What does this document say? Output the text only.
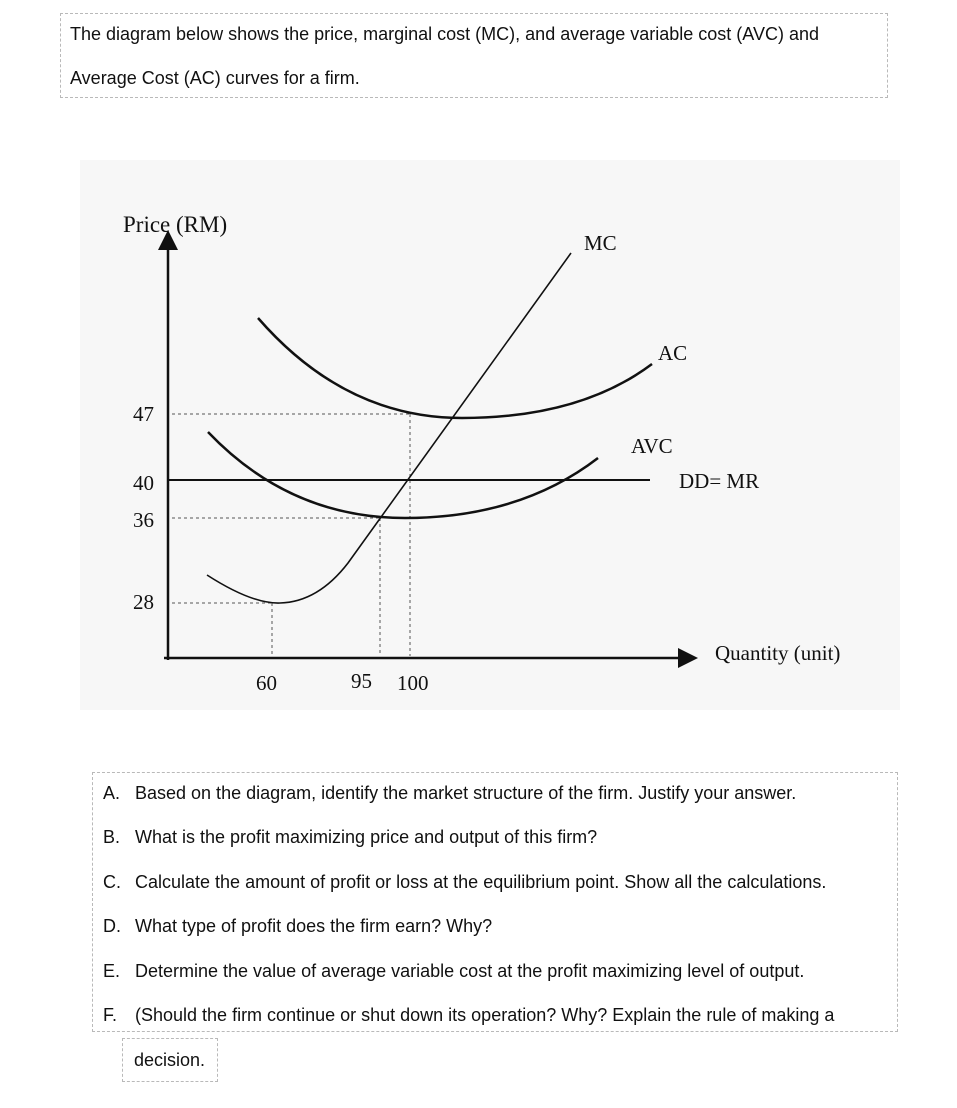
The diagram below shows the price, marginal cost (MC), and average variable cost (AVC) and
Average Cost (AC) curves for a firm.
Price (RM)
Quantity (unit)
47
40
36
28
60	95 100
MC
AC
AVC
DD= MR
A. Based on the diagram, identify the market structure of the firm. Justify your answer.
B. What is the profit maximizing price and output of this firm?
C. Calculate the amount of profit or loss at the equilibrium point. Show all the calculations.
D. What type of profit does the firm earn? Why?
E. Determine the value of average variable cost at the profit maximizing level of output.
F. (Should the firm continue or shut down its operation? Why? Explain the rule of making a
decision.
